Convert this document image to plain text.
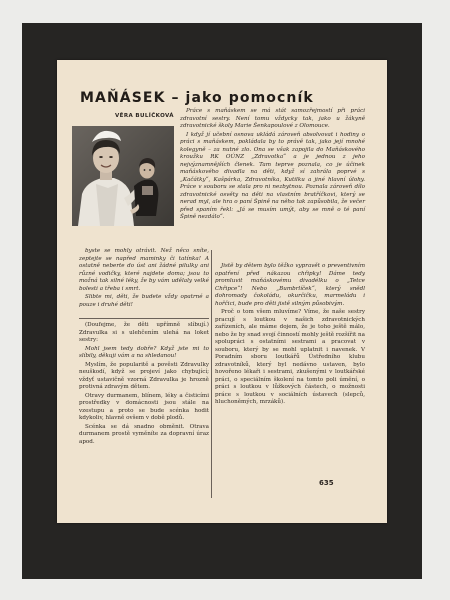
MAŇÁSEK – jako pomocník
VĚRA BULÍČKOVÁ

Práce s maňáskem se má stát samozřejmostí při práci zdravotní sestry. Není tomu vždycky tak, jako u žákyně zdravotnické školy Marie Šenkapoulové z Olomouce.

I když jí učební osnova ukládá zároveň absolvovat i hodiny o práci s maňáskem, pokládala by to právě tak, jako její mnohé kolegyně – za nutné zlo. Ona se však zapojila do Maňáskového kroužku RK OÚNZ „Zdravotka“ a je jednou z jeho nejvýznamnějších členek. Tam teprve poznala, co je účinek maňáskového divadla na děti, když sí zahrála poprvé s „Kačátky“, Kašpárka, Zdravotníka, Kutilku a jiné hlavní úlohy. Práce v souboru se stala pro ni nezbytnou. Poznala zároveň dílo zdravotnické osvěty na děti na vlastním bratříčkovi, který se nerad myl, ale hra o paní Špině na něho tak zapůsobila, že večer před spaním řekl: „Já se musím umýt, aby se mně o té paní Špině nezdálo“.

byste se mohly otrávit. Než něco sníte, zeptejte se napřed maminky či tatínka! A ostatně neberte do úst ani žádné pilulky ani různé vodičky, které najdete doma; jsou to možná tak silné léky, že by vám udělaly velké bolesti a třeba i smrt.

Slibte mi, děti, že budete vždy opatrné a pouze i druhé děti!

(Doufejme, že děti upřímně slíbují.) Zdravulka si s ulehčením ulehá na loket sestry:

Mohl jsem tedy dobře? Když jste mi to slíbily, děkuji vám a na shledanou!

Myslím, že popularitě a pověsti Zdravulky neuškodí, když se projeví jako chybující; vždyť ustavičně vzorná Zdravulka je hrozně protivná zdravým dětem.

Otravy durmanem, blínem, léky a čisticími prostředky v domácnosti jsou stále na vzestupu a proto se bude scénka hodit kdykoliv, hlavně ovšem v době plodů.

Scénka se dá snadno obměnit. Otrava durmanem prostě vyměníte za dopravní úraz apod.

Jistě by dětem bylo těžko vypravět o preventivním opatření před nákazou chřipky! Dáme tedy promluvit maňáskovému divadélku o „Tetce Chřipce“! Nebo „Bumbrlíček“, který snědl dohromady čokoládu, okurčičku, marmeládu i hořčici, bude pro děti jistě silným působivým.

Proč o tom všem mluvíme? Víme, že naše sestry pracují s loutkou v našich zdravotnických zařízeních, ale máme dojem, že je toho ještě málo, nebo že by snad svojí činností mohly ještě rozšířit na spolupráci s ostatními sestrami a pracovat v souboru, který by se mohl uplatnit i navenek. V Poradním sboru loutkářů Ústředního klubu zdravotníků, který byl nedávno ustaven, bylo hovořeno lékaři i sestrami, zkušenými v loutkářské práci, o speciálním školení na tomto poli úmění, o práci s loutkou v lůžkových částech, o možnosti práce s loutkou v sociálních ústavech (slepců, hluchoněmých, mrzáků).

635
